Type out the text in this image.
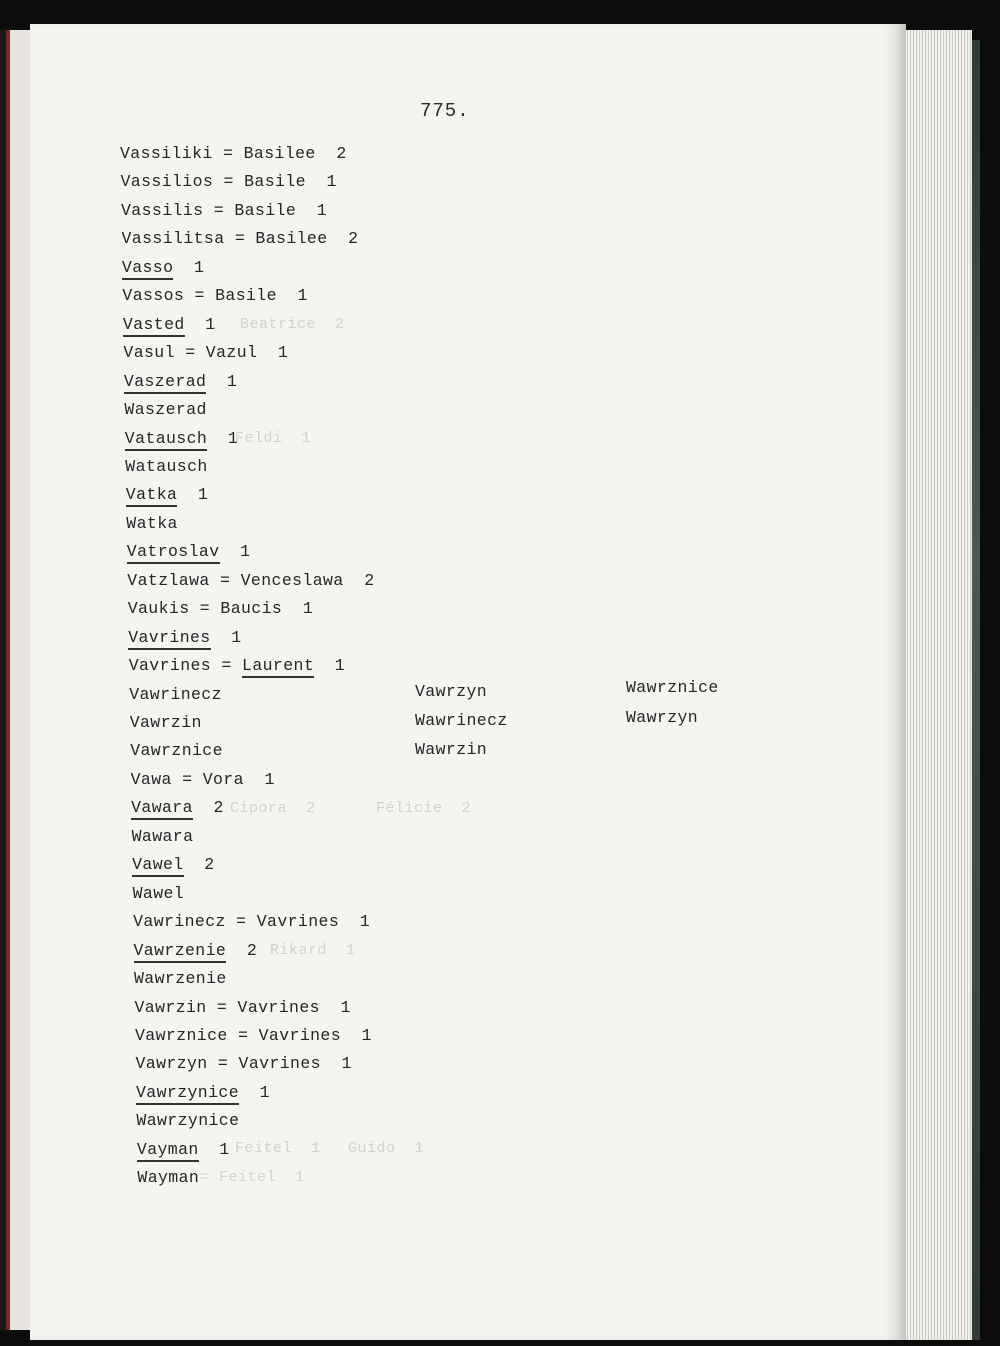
Beatrice  2
Feldi  1
Cipora  2	Félicie  2
Rikard  1
Feitel  1 Guido  1
= Feitel  1
775.
Vassiliki = Basilee  2
Vassilios = Basile  1
Vassilis = Basile  1
Vassilitsa = Basilee  2
Vasso  1
Vassos = Basile  1
Vasted  1
Vasul = Vazul  1
Vaszerad  1
Waszerad
Vatausch  1
Watausch
Vatka  1
Watka
Vatroslav  1
Vatzlawa = Venceslawa  2
Vaukis = Baucis  1
Vavrines  1
Vavrines = Laurent  1
Vawrinecz
Vawrzin
Vawrznice
Vawa = Vora  1
Vawara  2
Wawara
Vawel  2
Wawel
Vawrinecz = Vavrines  1
Vawrzenie  2
Wawrzenie
Vawrzin = Vavrines  1
Vawrznice = Vavrines  1
Vawrzyn = Vavrines  1
Vawrzynice  1
Wawrzynice
Vayman  1
Wayman
Vawrzyn
Wawrinecz
Wawrzin
Wawrznice
Wawrzyn
